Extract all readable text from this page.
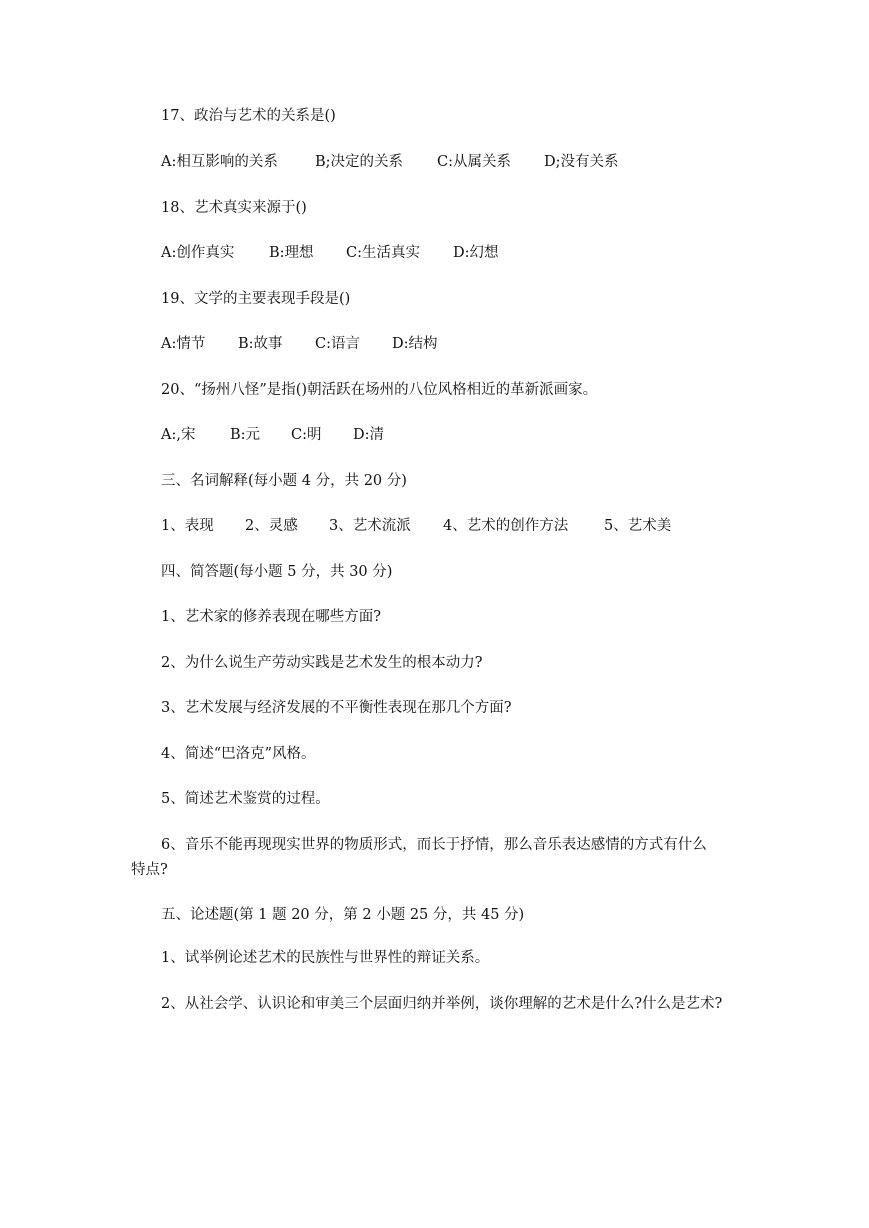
17、政治与艺术的关系是()
A:相互影响的关系	B;决定的关系 C:从属关系 D;没有关系
18、艺术真实来源于()
A:创作真实 B:理想 C:生活真实 D:幻想
19、文学的主要表现手段是()
A:情节 B:故事 C:语言 D:结构
20、“扬州八怪”是指()朝活跃在场州的八位风格相近的革新派画家。
A:,宋 B:元 C:明 D:清
三、名词解释(每小题 4 分，共 20 分)
1、表现 2、灵感 3、艺术流派 4、艺术的创作方法 5、艺术美
四、简答题(每小题 5 分，共 30 分)
1、艺术家的修养表现在哪些方面?
2、为什么说生产劳动实践是艺术发生的根本动力?
3、艺术发展与经济发展的不平衡性表现在那几个方面?
4、简述“巴洛克”风格。
5、简述艺术鉴赏的过程。
6、音乐不能再现现实世界的物质形式，而长于抒情，那么音乐表达感情的方式有什么
特点?
五、论述题(第 1 题 20 分，第 2 小题 25 分，共 45 分)
1、试举例论述艺术的民族性与世界性的辩证关系。
2、从社会学、认识论和审美三个层面归纳并举例，谈你理解的艺术是什么?什么是艺术?
